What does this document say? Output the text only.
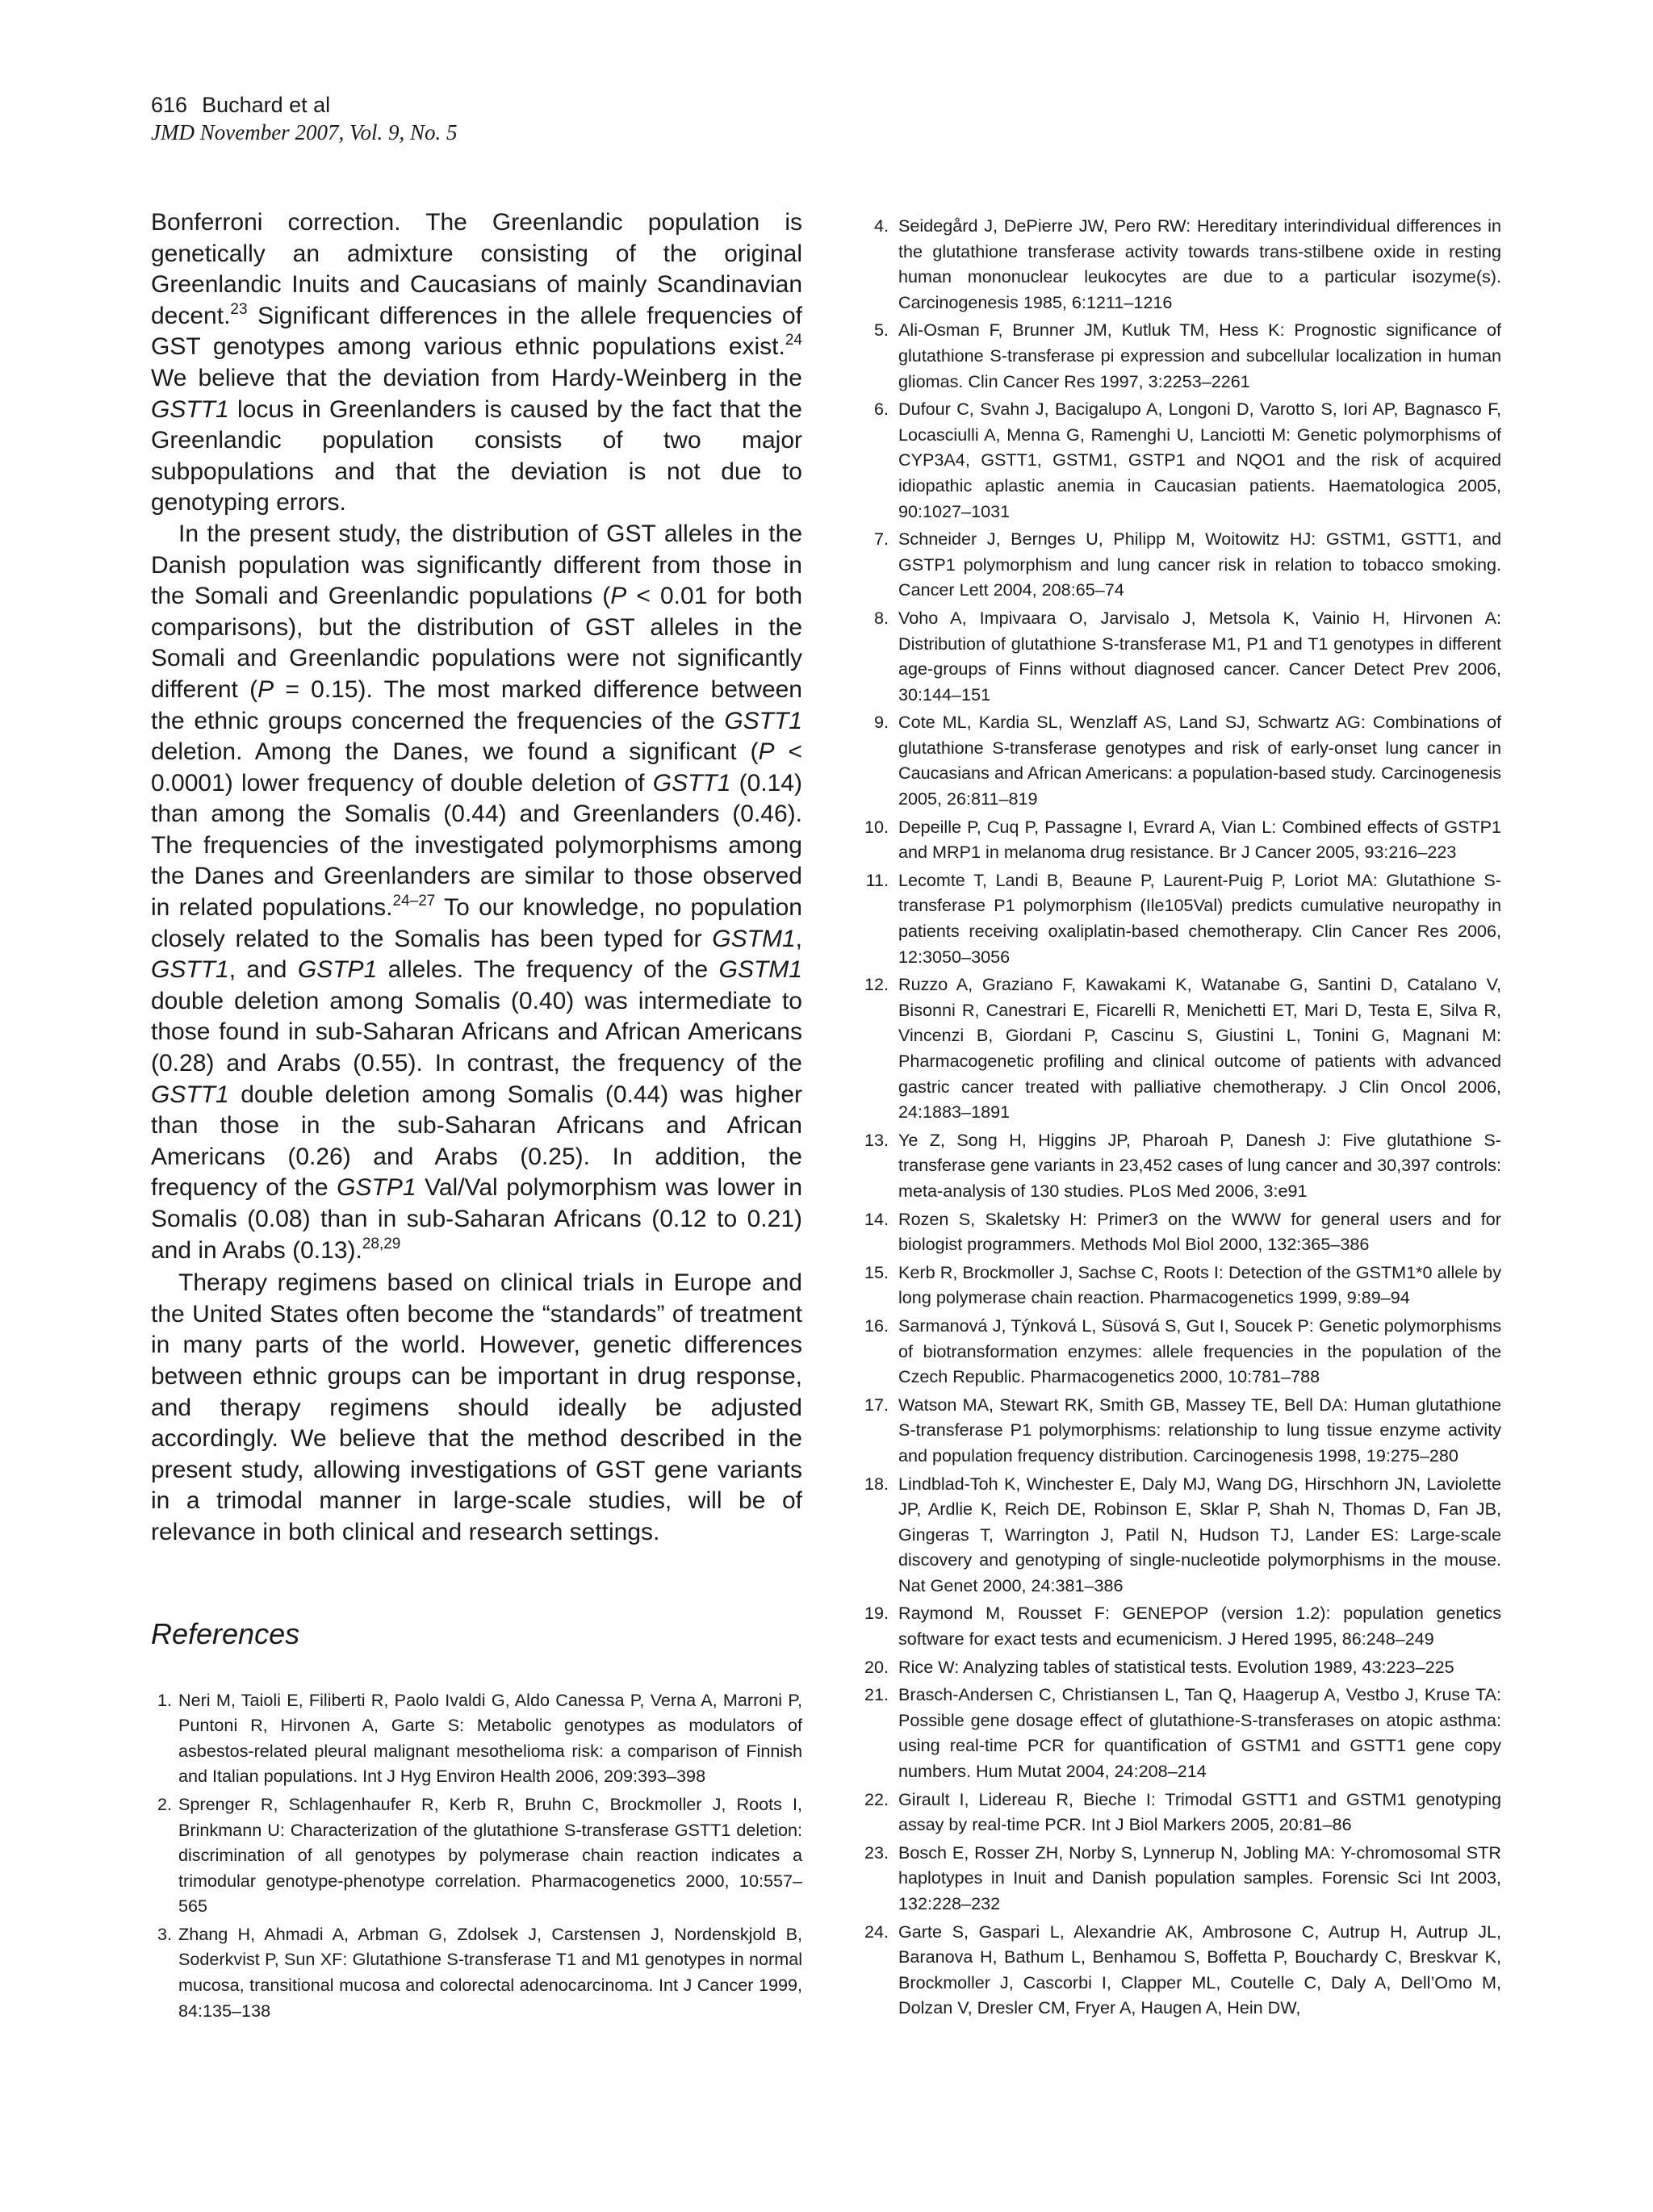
616 Buchard et al
JMD November 2007, Vol. 9, No. 5

Bonferroni correction. The Greenlandic population is genetically an admixture consisting of the original Greenlandic Inuits and Caucasians of mainly Scandinavian decent.$^{23}$ Significant differences in the allele frequencies of GST genotypes among various ethnic populations exist.$^{24}$ We believe that the deviation from Hardy-Weinberg in the GSTT1 locus in Greenlanders is caused by the fact that the Greenlandic population consists of two major subpopulations and that the deviation is not due to genotyping errors.

In the present study, the distribution of GST alleles in the Danish population was significantly different from those in the Somali and Greenlandic populations (P < 0.01 for both comparisons), but the distribution of GST alleles in the Somali and Greenlandic populations were not significantly different (P = 0.15). The most marked difference between the ethnic groups concerned the frequencies of the GSTT1 deletion. Among the Danes, we found a significant (P < 0.0001) lower frequency of double deletion of GSTT1 (0.14) than among the Somalis (0.44) and Greenlanders (0.46). The frequencies of the investigated polymorphisms among the Danes and Greenlanders are similar to those observed in related populations.$^{24-27}$ To our knowledge, no population closely related to the Somalis has been typed for GSTM1, GSTT1, and GSTP1 alleles. The frequency of the GSTM1 double deletion among Somalis (0.40) was intermediate to those found in sub-Saharan Africans and African Americans (0.28) and Arabs (0.55). In contrast, the frequency of the GSTT1 double deletion among Somalis (0.44) was higher than those in the sub-Saharan Africans and African Americans (0.26) and Arabs (0.25). In addition, the frequency of the GSTP1 Val/Val polymorphism was lower in Somalis (0.08) than in sub-Saharan Africans (0.12 to 0.21) and in Arabs (0.13).$^{28,29}$

Therapy regimens based on clinical trials in Europe and the United States often become the “standards” of treatment in many parts of the world. However, genetic differences between ethnic groups can be important in drug response, and therapy regimens should ideally be adjusted accordingly. We believe that the method described in the present study, allowing investigations of GST gene variants in a trimodal manner in large-scale studies, will be of relevance in both clinical and research settings.

References
1. Neri M, Taioli E, Filiberti R, Paolo Ivaldi G, Aldo Canessa P, Verna A, Marroni P, Puntoni R, Hirvonen A, Garte S: Metabolic genotypes as modulators of asbestos-related pleural malignant mesothelioma risk: a comparison of Finnish and Italian populations. Int J Hyg Environ Health 2006, 209:393–398
2. Sprenger R, Schlagenhaufer R, Kerb R, Bruhn C, Brockmoller J, Roots I, Brinkmann U: Characterization of the glutathione S-transferase GSTT1 deletion: discrimination of all genotypes by polymerase chain reaction indicates a trimodular genotype-phenotype correlation. Pharmacogenetics 2000, 10:557–565
3. Zhang H, Ahmadi A, Arbman G, Zdolsek J, Carstensen J, Nordenskjold B, Soderkvist P, Sun XF: Glutathione S-transferase T1 and M1 genotypes in normal mucosa, transitional mucosa and colorectal adenocarcinoma. Int J Cancer 1999, 84:135–138
4. Seidegård J, DePierre JW, Pero RW: Hereditary interindividual differences in the glutathione transferase activity towards trans-stilbene oxide in resting human mononuclear leukocytes are due to a particular isozyme(s). Carcinogenesis 1985, 6:1211–1216
5. Ali-Osman F, Brunner JM, Kutluk TM, Hess K: Prognostic significance of glutathione S-transferase pi expression and subcellular localization in human gliomas. Clin Cancer Res 1997, 3:2253–2261
6. Dufour C, Svahn J, Bacigalupo A, Longoni D, Varotto S, Iori AP, Bagnasco F, Locasciulli A, Menna G, Ramenghi U, Lanciotti M: Genetic polymorphisms of CYP3A4, GSTT1, GSTM1, GSTP1 and NQO1 and the risk of acquired idiopathic aplastic anemia in Caucasian patients. Haematologica 2005, 90:1027–1031
7. Schneider J, Bernges U, Philipp M, Woitowitz HJ: GSTM1, GSTT1, and GSTP1 polymorphism and lung cancer risk in relation to tobacco smoking. Cancer Lett 2004, 208:65–74
8. Voho A, Impivaara O, Jarvisalo J, Metsola K, Vainio H, Hirvonen A: Distribution of glutathione S-transferase M1, P1 and T1 genotypes in different age-groups of Finns without diagnosed cancer. Cancer Detect Prev 2006, 30:144–151
9. Cote ML, Kardia SL, Wenzlaff AS, Land SJ, Schwartz AG: Combinations of glutathione S-transferase genotypes and risk of early-onset lung cancer in Caucasians and African Americans: a population-based study. Carcinogenesis 2005, 26:811–819
10. Depeille P, Cuq P, Passagne I, Evrard A, Vian L: Combined effects of GSTP1 and MRP1 in melanoma drug resistance. Br J Cancer 2005, 93:216–223
11. Lecomte T, Landi B, Beaune P, Laurent-Puig P, Loriot MA: Glutathione S-transferase P1 polymorphism (Ile105Val) predicts cumulative neuropathy in patients receiving oxaliplatin-based chemotherapy. Clin Cancer Res 2006, 12:3050–3056
12. Ruzzo A, Graziano F, Kawakami K, Watanabe G, Santini D, Catalano V, Bisonni R, Canestrari E, Ficarelli R, Menichetti ET, Mari D, Testa E, Silva R, Vincenzi B, Giordani P, Cascinu S, Giustini L, Tonini G, Magnani M: Pharmacogenetic profiling and clinical outcome of patients with advanced gastric cancer treated with palliative chemotherapy. J Clin Oncol 2006, 24:1883–1891
13. Ye Z, Song H, Higgins JP, Pharoah P, Danesh J: Five glutathione S-transferase gene variants in 23,452 cases of lung cancer and 30,397 controls: meta-analysis of 130 studies. PLoS Med 2006, 3:e91
14. Rozen S, Skaletsky H: Primer3 on the WWW for general users and for biologist programmers. Methods Mol Biol 2000, 132:365–386
15. Kerb R, Brockmoller J, Sachse C, Roots I: Detection of the GSTM1*0 allele by long polymerase chain reaction. Pharmacogenetics 1999, 9:89–94
16. Sarmanová J, Týnková L, Süsová S, Gut I, Soucek P: Genetic polymorphisms of biotransformation enzymes: allele frequencies in the population of the Czech Republic. Pharmacogenetics 2000, 10:781–788
17. Watson MA, Stewart RK, Smith GB, Massey TE, Bell DA: Human glutathione S-transferase P1 polymorphisms: relationship to lung tissue enzyme activity and population frequency distribution. Carcinogenesis 1998, 19:275–280
18. Lindblad-Toh K, Winchester E, Daly MJ, Wang DG, Hirschhorn JN, Laviolette JP, Ardlie K, Reich DE, Robinson E, Sklar P, Shah N, Thomas D, Fan JB, Gingeras T, Warrington J, Patil N, Hudson TJ, Lander ES: Large-scale discovery and genotyping of single-nucleotide polymorphisms in the mouse. Nat Genet 2000, 24:381–386
19. Raymond M, Rousset F: GENEPOP (version 1.2): population genetics software for exact tests and ecumenicism. J Hered 1995, 86:248–249
20. Rice W: Analyzing tables of statistical tests. Evolution 1989, 43:223–225
21. Brasch-Andersen C, Christiansen L, Tan Q, Haagerup A, Vestbo J, Kruse TA: Possible gene dosage effect of glutathione-S-transferases on atopic asthma: using real-time PCR for quantification of GSTM1 and GSTT1 gene copy numbers. Hum Mutat 2004, 24:208–214
22. Girault I, Lidereau R, Bieche I: Trimodal GSTT1 and GSTM1 genotyping assay by real-time PCR. Int J Biol Markers 2005, 20:81–86
23. Bosch E, Rosser ZH, Norby S, Lynnerup N, Jobling MA: Y-chromosomal STR haplotypes in Inuit and Danish population samples. Forensic Sci Int 2003, 132:228–232
24. Garte S, Gaspari L, Alexandrie AK, Ambrosone C, Autrup H, Autrup JL, Baranova H, Bathum L, Benhamou S, Boffetta P, Bouchardy C, Breskvar K, Brockmoller J, Cascorbi I, Clapper ML, Coutelle C, Daly A, Dell’Omo M, Dolzan V, Dresler CM, Fryer A, Haugen A, Hein DW,
